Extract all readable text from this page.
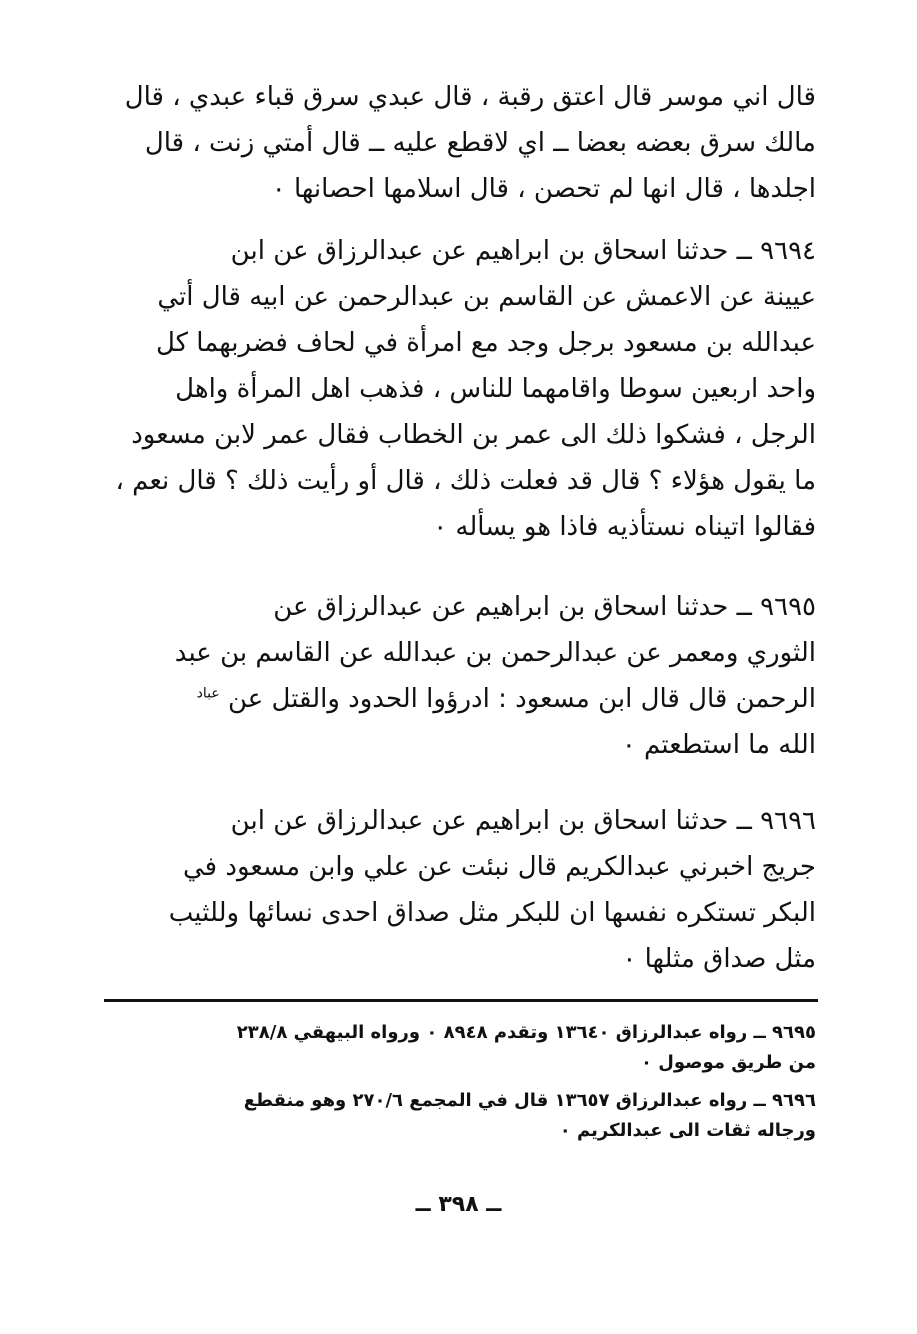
قال اني موسر قال اعتق رقبة ، قال عبدي سرق قباء عبدي ، قال
مالك سرق بعضه بعضا ــ اي لاقطع عليه ــ قال أمتي زنت ، قال
اجلدها ، قال انها لم تحصن ، قال اسلامها احصانها ٠
٩٦٩٤ ــ حدثنا اسحاق بن ابراهيم عن عبدالرزاق عن ابن
عيينة عن الاعمش عن القاسم بن عبدالرحمن عن ابيه قال أتي
عبدالله بن مسعود برجل وجد مع امرأة في لحاف فضربهما كل
واحد اربعين سوطا واقامهما للناس ، فذهب اهل المرأة واهل
الرجل ، فشكوا ذلك الى عمر بن الخطاب فقال عمر لابن مسعود
ما يقول هؤلاء ؟ قال قد فعلت ذلك ، قال أو رأيت ذلك ؟ قال نعم ،
فقالوا اتيناه نستأذيه فاذا هو يسأله ٠
٩٦٩٥ ــ حدثنا اسحاق بن ابراهيم عن عبدالرزاق عن
الثوري ومعمر عن عبدالرحمن بن عبدالله عن القاسم بن عبد
الرحمن قال قال ابن مسعود : ادرؤوا الحدود والقتل عن $^{عباد}$
الله ما استطعتم ٠
٩٦٩٦ ــ حدثنا اسحاق بن ابراهيم عن عبدالرزاق عن ابن
جريج اخبرني عبدالكريم قال نبئت عن علي وابن مسعود في
البكر تستكره نفسها ان للبكر مثل صداق احدى نسائها وللثيب
مثل صداق مثلها ٠
٩٦٩٥ ــ رواه عبدالرزاق ١٣٦٤٠ وتقدم ٨٩٤٨ ٠ ورواه البيهقي ٢٣٨/٨
من طريق موصول ٠
٩٦٩٦ ــ رواه عبدالرزاق ١٣٦٥٧ قال في المجمع ٢٧٠/٦ وهو منقطع
ورجاله ثقات الى عبدالكريم ٠
ــ ٣٩٨ ــ
